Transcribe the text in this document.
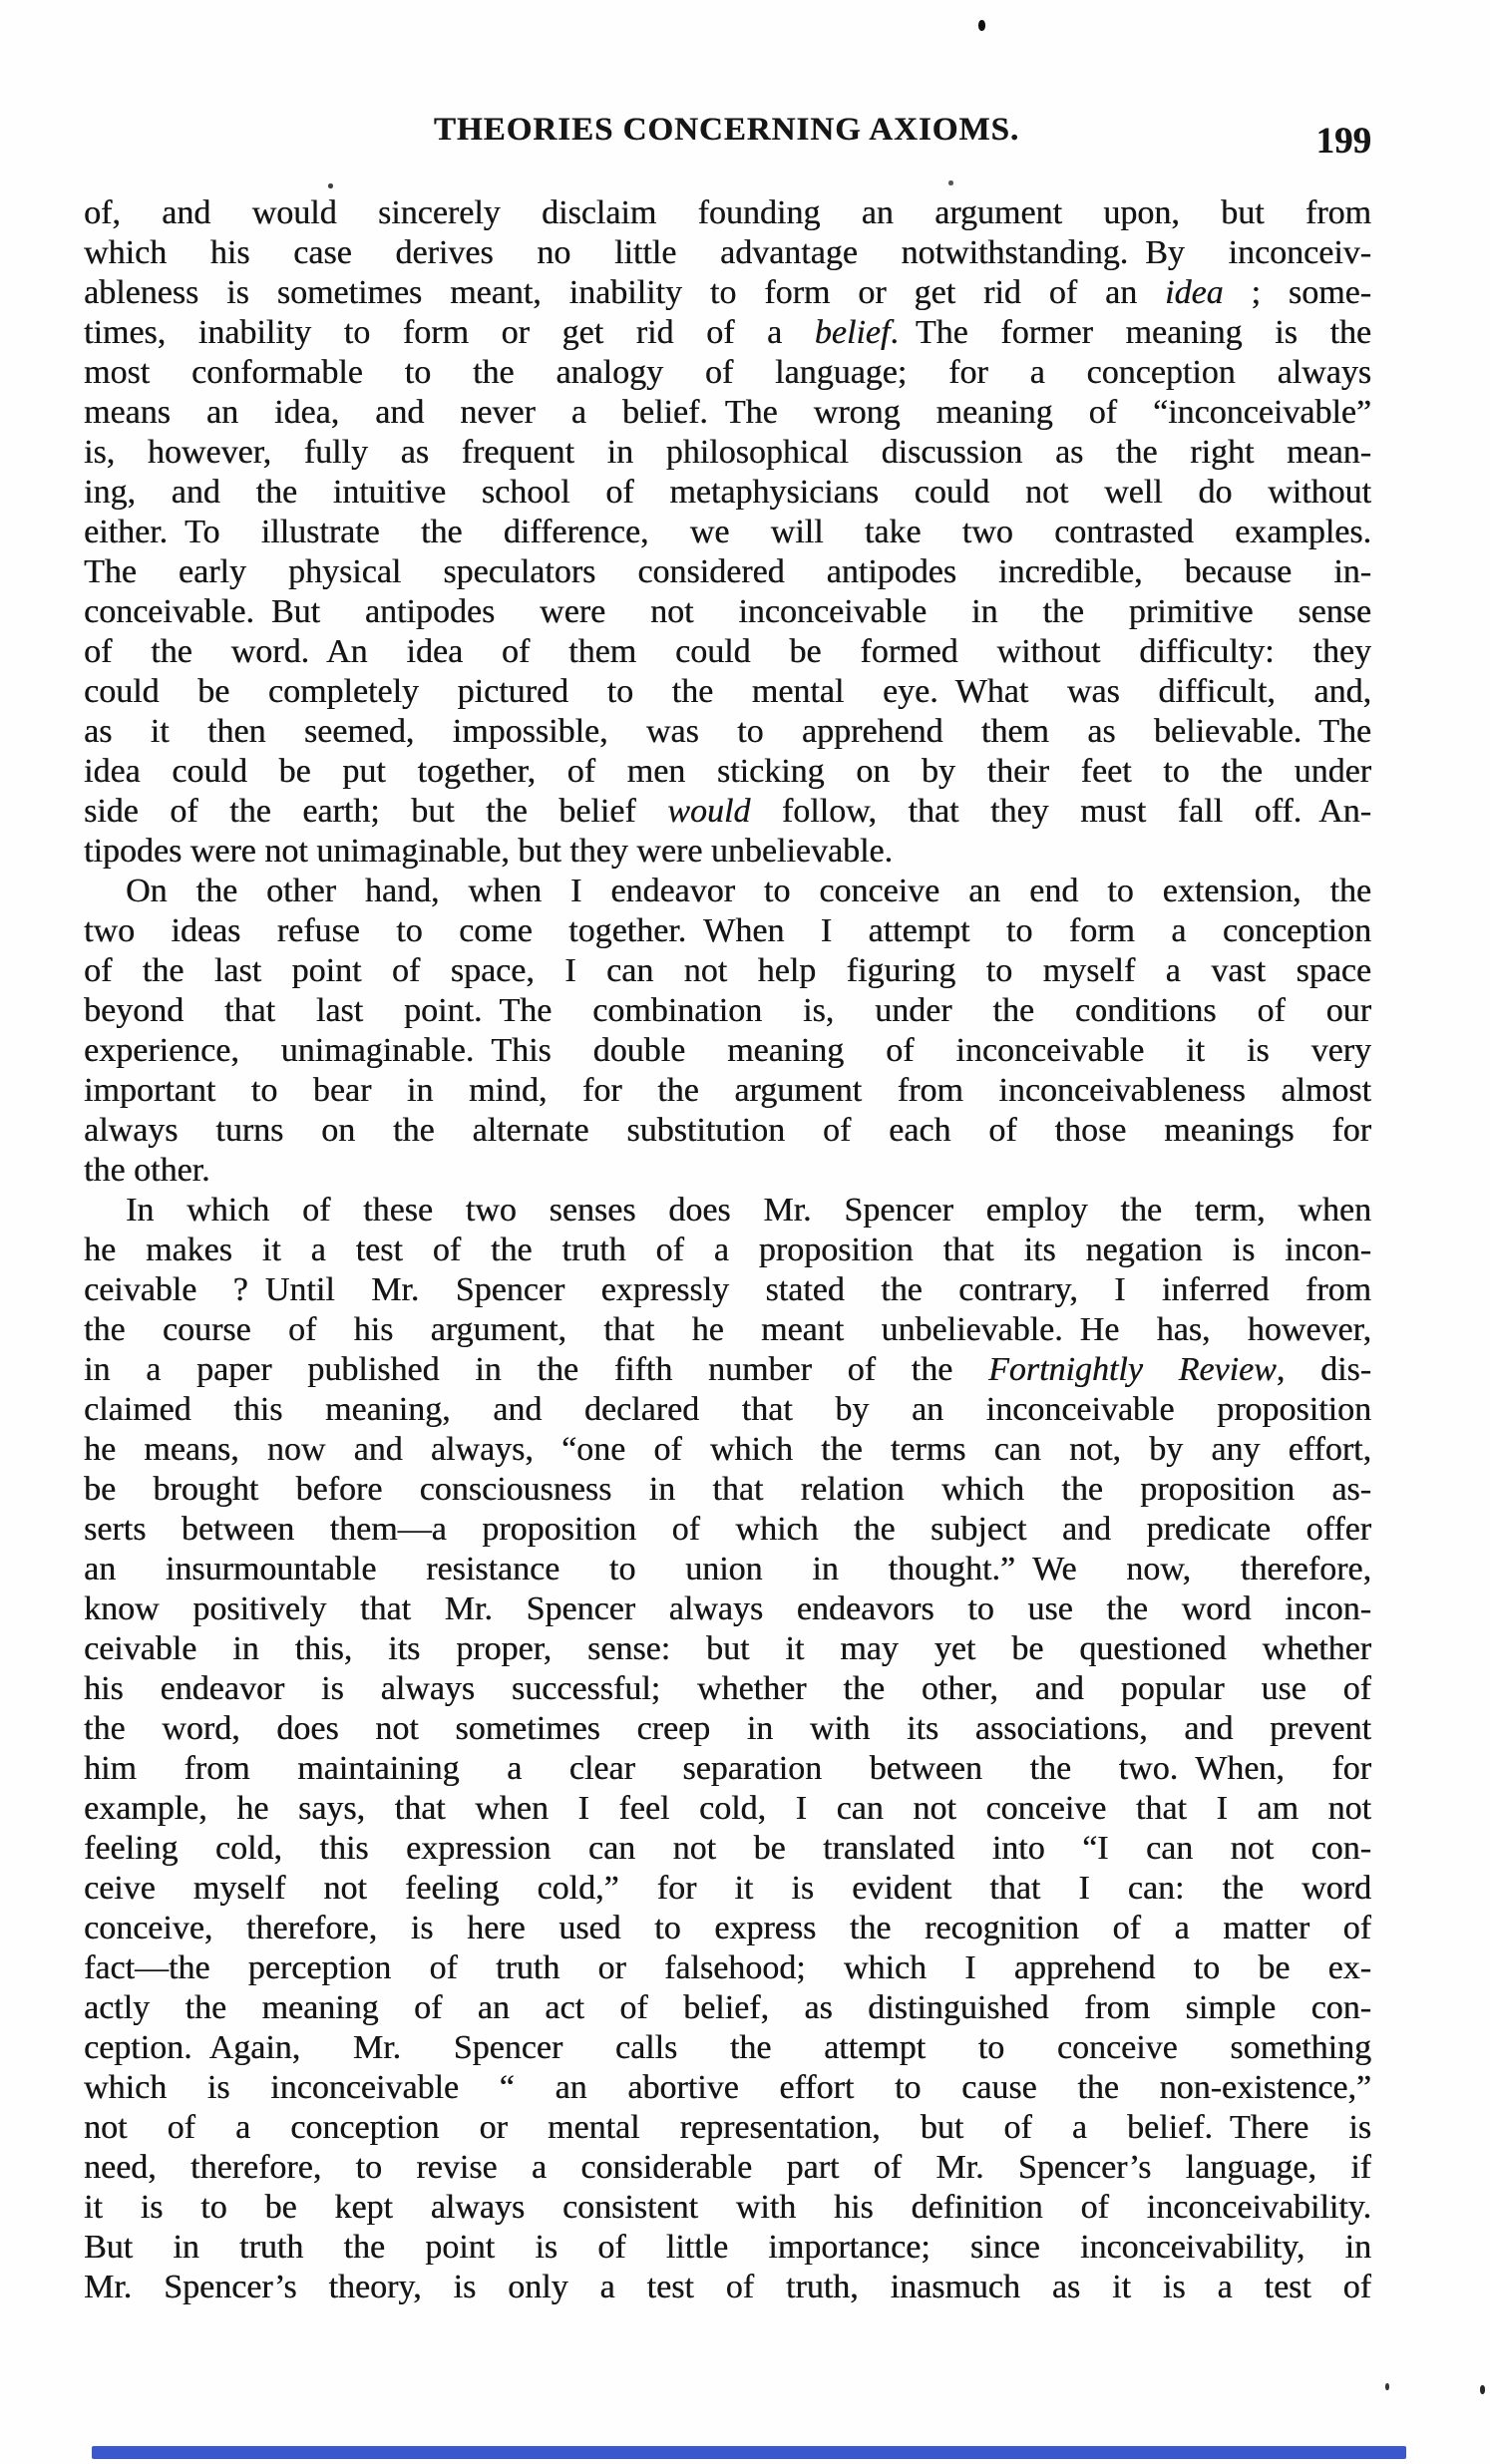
THEORIES CONCERNING AXIOMS.	199
of, and would sincerely disclaim founding an argument upon, but from
which his case derives no little advantage notwithstanding. By inconceiv-
ableness is sometimes meant, inability to form or get rid of an idea ; some-
times, inability to form or get rid of a belief. The former meaning is the
most conformable to the analogy of language; for a conception always
means an idea, and never a belief. The wrong meaning of “inconceivable”
is, however, fully as frequent in philosophical discussion as the right mean-
ing, and the intuitive school of metaphysicians could not well do without
either. To illustrate the difference, we will take two contrasted examples.
The early physical speculators considered antipodes incredible, because in-
conceivable. But antipodes were not inconceivable in the primitive sense
of the word. An idea of them could be formed without difficulty: they
could be completely pictured to the mental eye. What was difficult, and,
as it then seemed, impossible, was to apprehend them as believable. The
idea could be put together, of men sticking on by their feet to the under
side of the earth; but the belief would follow, that they must fall off. An-
tipodes were not unimaginable, but they were unbelievable.
On the other hand, when I endeavor to conceive an end to extension, the
two ideas refuse to come together. When I attempt to form a conception
of the last point of space, I can not help figuring to myself a vast space
beyond that last point. The combination is, under the conditions of our
experience, unimaginable. This double meaning of inconceivable it is very
important to bear in mind, for the argument from inconceivableness almost
always turns on the alternate substitution of each of those meanings for
the other.
In which of these two senses does Mr. Spencer employ the term, when
he makes it a test of the truth of a proposition that its negation is incon-
ceivable ? Until Mr. Spencer expressly stated the contrary, I inferred from
the course of his argument, that he meant unbelievable. He has, however,
in a paper published in the fifth number of the Fortnightly Review, dis-
claimed this meaning, and declared that by an inconceivable proposition
he means, now and always, “one of which the terms can not, by any effort,
be brought before consciousness in that relation which the proposition as-
serts between them—a proposition of which the subject and predicate offer
an insurmountable resistance to union in thought.” We now, therefore,
know positively that Mr. Spencer always endeavors to use the word incon-
ceivable in this, its proper, sense: but it may yet be questioned whether
his endeavor is always successful; whether the other, and popular use of
the word, does not sometimes creep in with its associations, and prevent
him from maintaining a clear separation between the two. When, for
example, he says, that when I feel cold, I can not conceive that I am not
feeling cold, this expression can not be translated into “I can not con-
ceive myself not feeling cold,” for it is evident that I can: the word
conceive, therefore, is here used to express the recognition of a matter of
fact—the perception of truth or falsehood; which I apprehend to be ex-
actly the meaning of an act of belief, as distinguished from simple con-
ception. Again, Mr. Spencer calls the attempt to conceive something
which is inconceivable “ an abortive effort to cause the non-existence,”
not of a conception or mental representation, but of a belief. There is
need, therefore, to revise a considerable part of Mr. Spencer’s language, if
it is to be kept always consistent with his definition of inconceivability.
But in truth the point is of little importance; since inconceivability, in
Mr. Spencer’s theory, is only a test of truth, inasmuch as it is a test of
